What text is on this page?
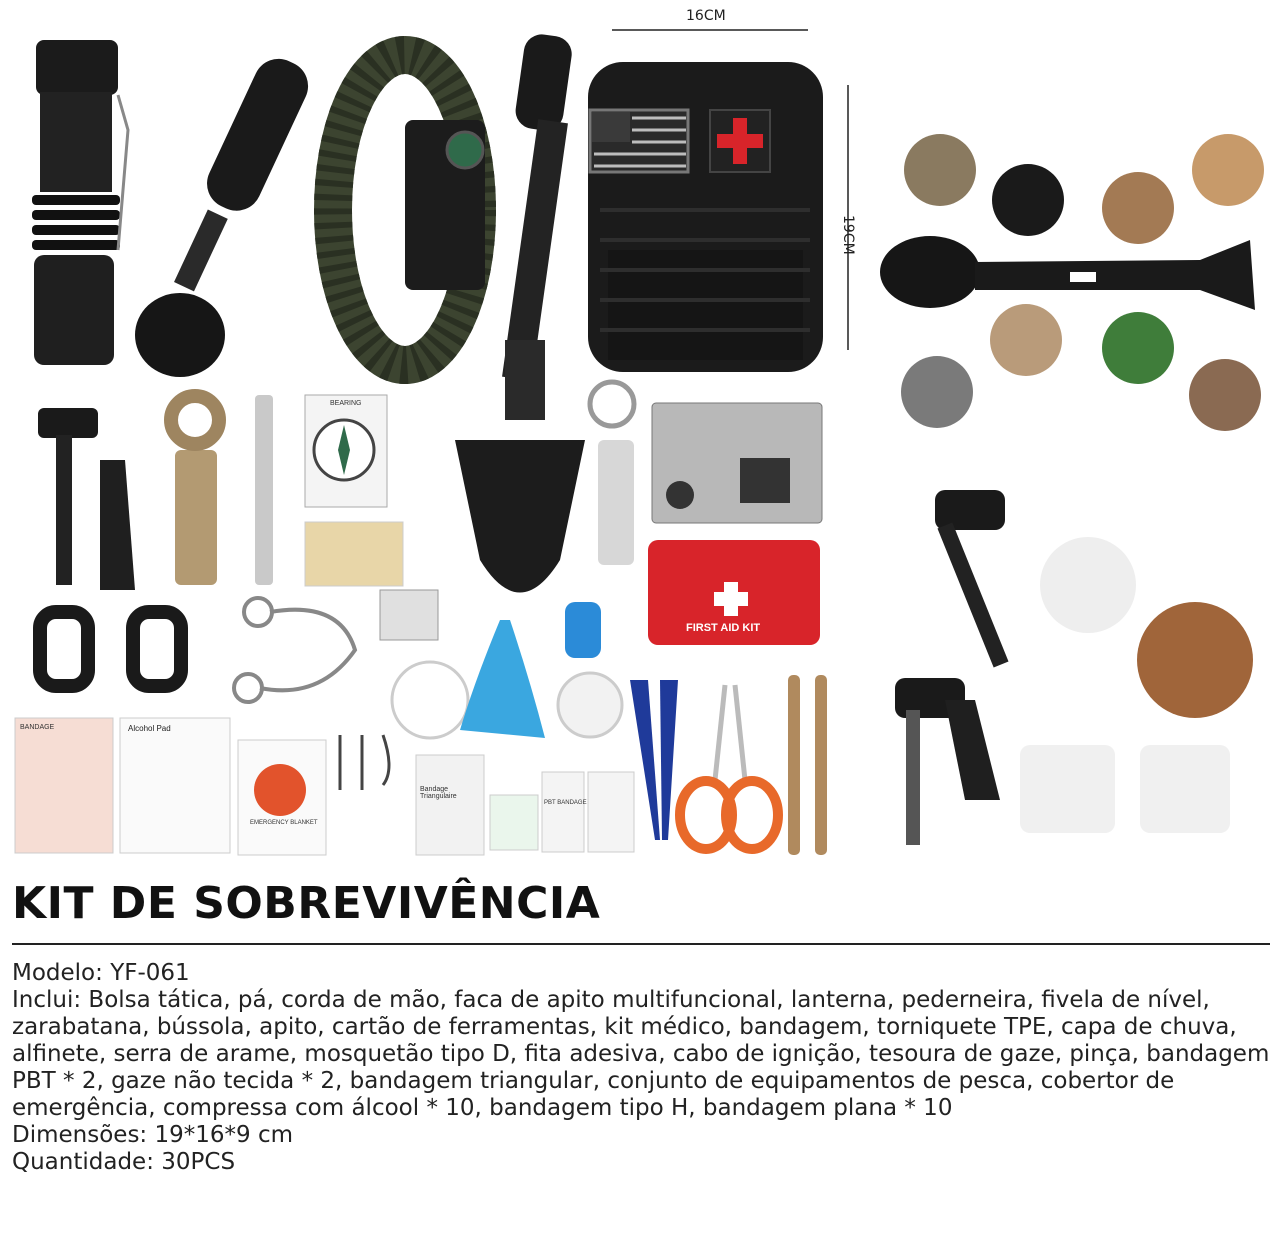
16CM
19CM
FIRST AID KIT
BEARING
Alcohol Pad
BANDAGE
EMERGENCY BLANKET
Bandage Triangulaire
PBT BANDAGE
KIT DE SOBREVIVÊNCIA

Modelo: YF-061

Inclui: Bolsa tática, pá, corda de mão, faca de apito multifuncional, lanterna, pederneira, fivela de nível, zarabatana, bússola, apito, cartão de ferramentas, kit médico, bandagem, torniquete TPE, capa de chuva, alfinete, serra de arame, mosquetão tipo D, fita adesiva, cabo de ignição, tesoura de gaze, pinça, bandagem PBT * 2, gaze não tecida * 2, bandagem triangular, conjunto de equipamentos de pesca, cobertor de emergência, compressa com álcool * 10, bandagem tipo H, bandagem plana * 10

Dimensões: 19*16*9 cm

Quantidade: 30PCS
